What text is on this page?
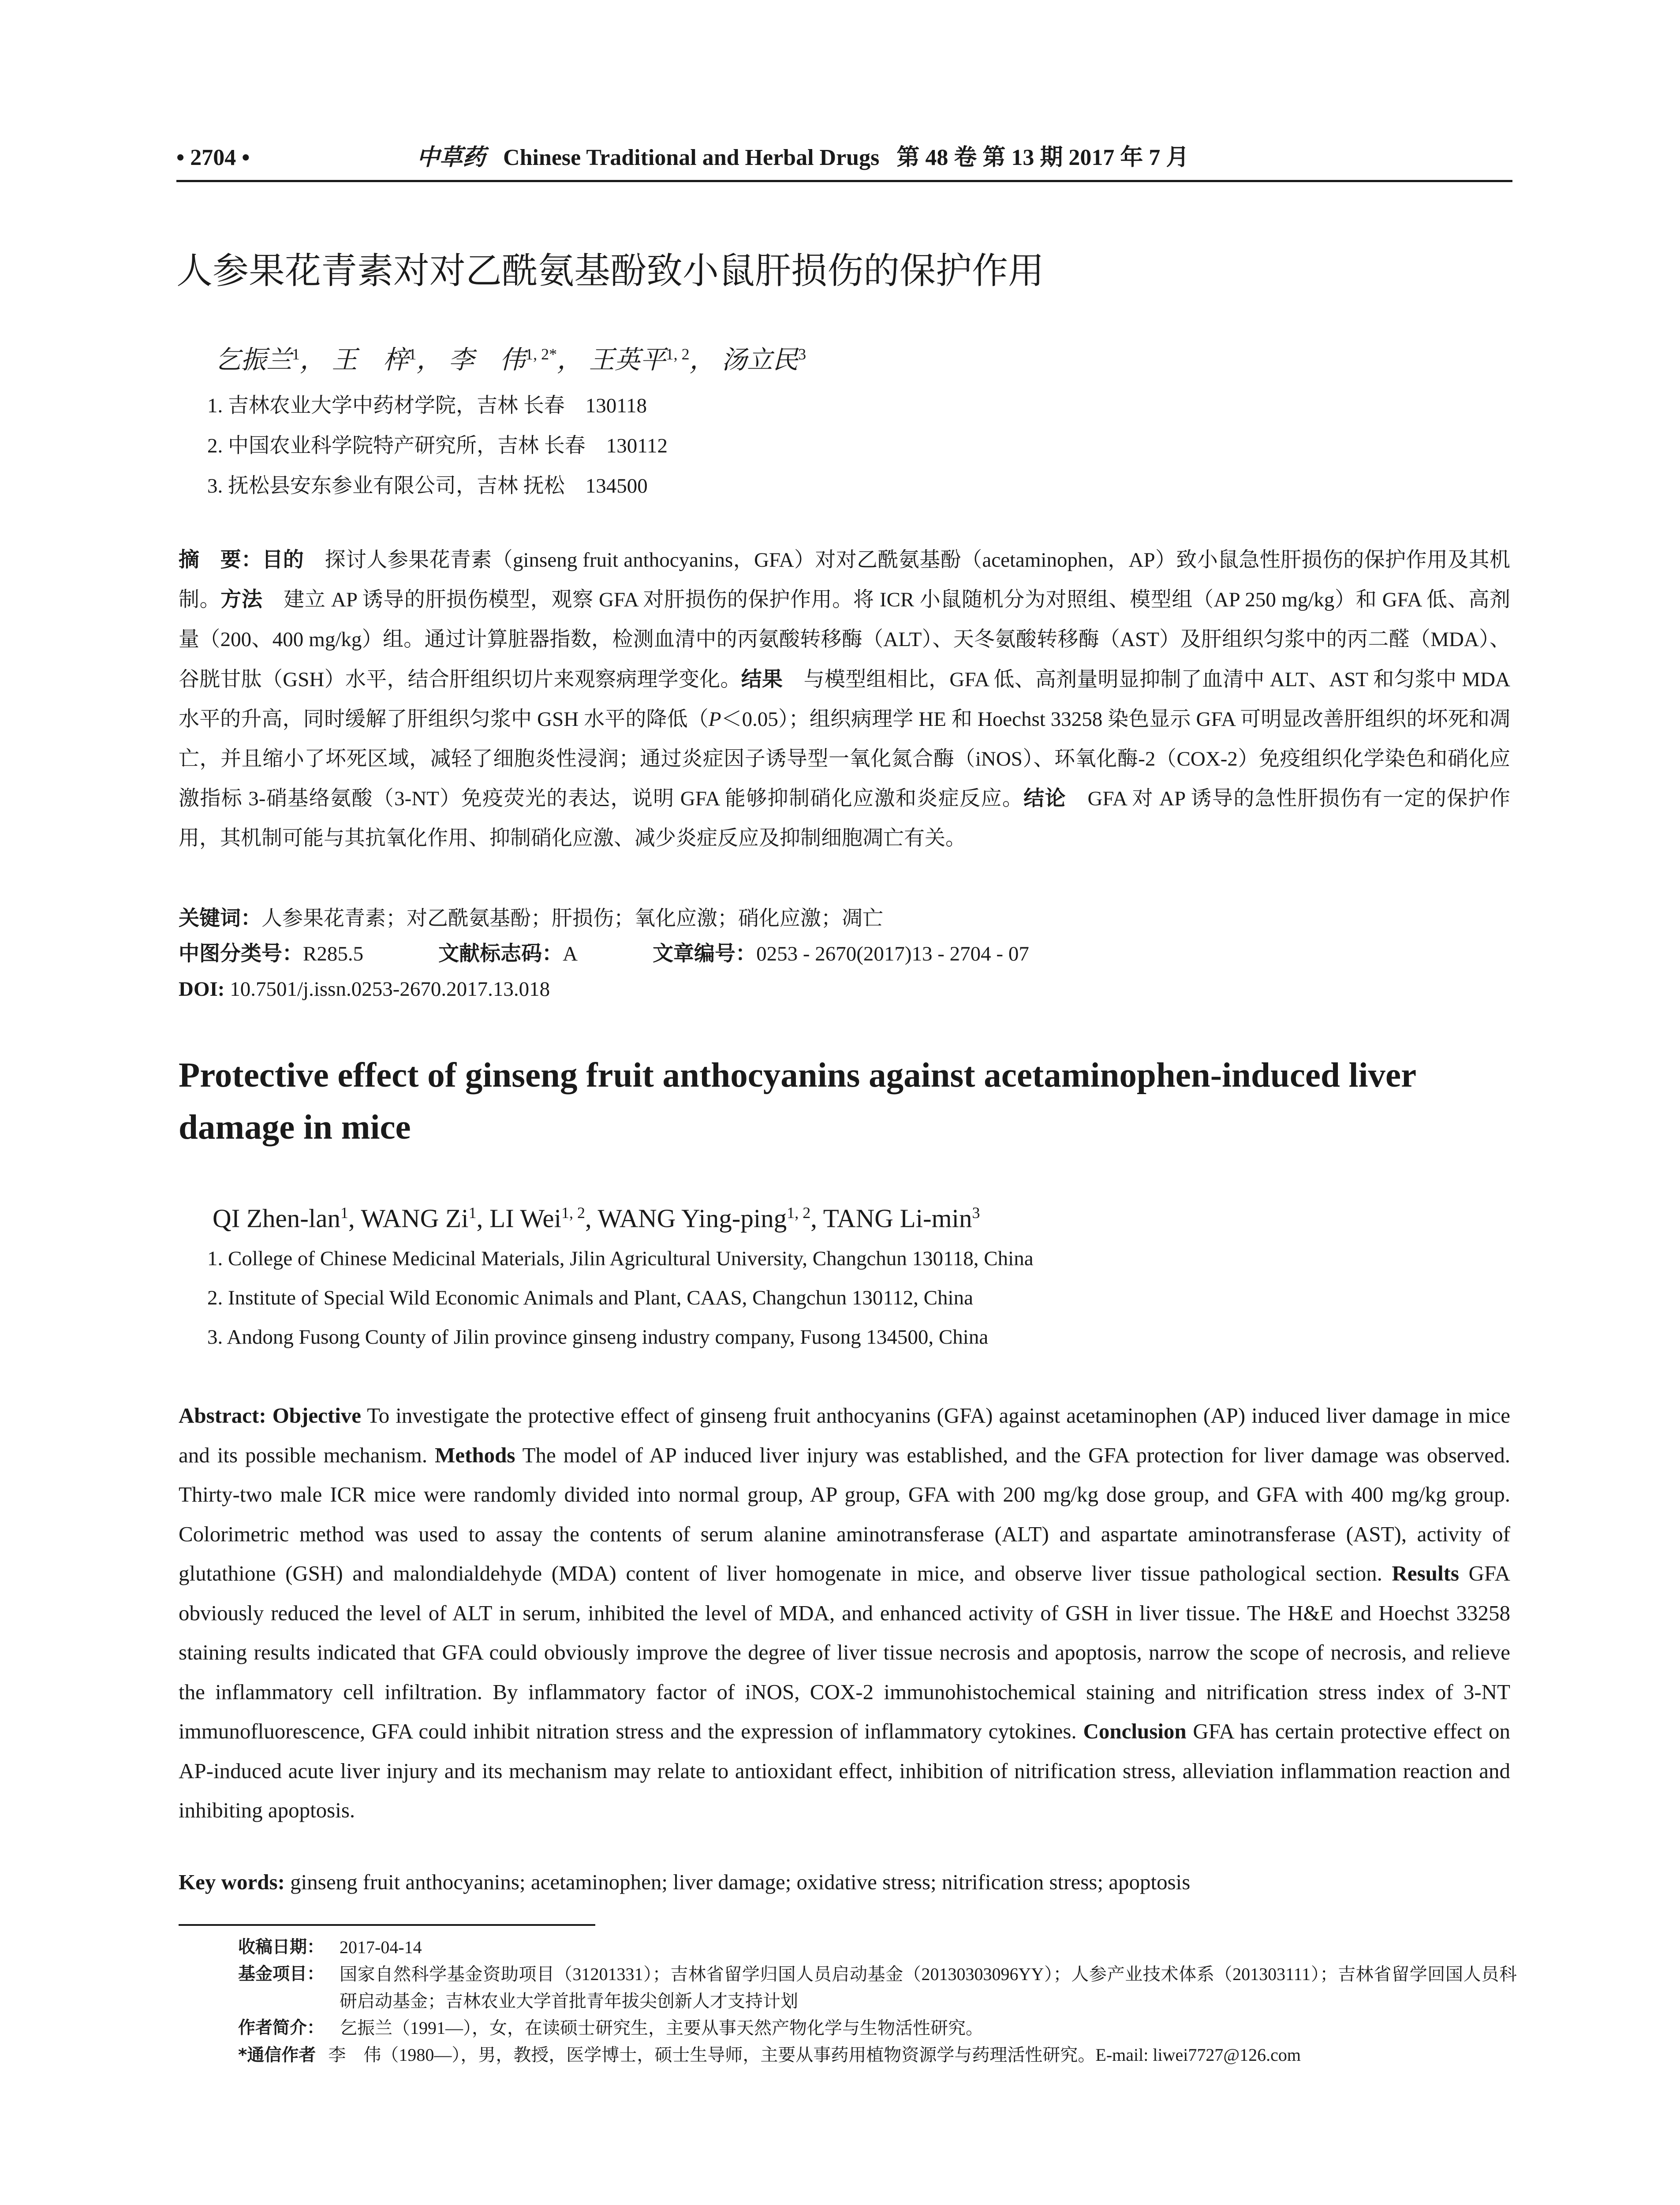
• 2704 •	中草药 Chinese Traditional and Herbal Drugs 第 48 卷 第 13 期 2017 年 7 月
人参果花青素对对乙酰氨基酚致小鼠肝损伤的保护作用
乞振兰$^1$， 王　梓$^1$， 李　伟$^{1, 2*}$， 王英平$^{1, 2}$， 汤立民$^3$
1. 吉林农业大学中药材学院，吉林 长春　130118
2. 中国农业科学院特产研究所，吉林 长春　130112
3. 抚松县安东参业有限公司，吉林 抚松　134500
摘　要：目的　探讨人参果花青素（ginseng fruit anthocyanins，GFA）对对乙酰氨基酚（acetaminophen，AP）致小鼠急性肝损伤的保护作用及其机制。方法　建立 AP 诱导的肝损伤模型，观察 GFA 对肝损伤的保护作用。将 ICR 小鼠随机分为对照组、模型组（AP 250 mg/kg）和 GFA 低、高剂量（200、400 mg/kg）组。通过计算脏器指数，检测血清中的丙氨酸转移酶（ALT）、天冬氨酸转移酶（AST）及肝组织匀浆中的丙二醛（MDA）、谷胱甘肽（GSH）水平，结合肝组织切片来观察病理学变化。结果　与模型组相比，GFA 低、高剂量明显抑制了血清中 ALT、AST 和匀浆中 MDA 水平的升高，同时缓解了肝组织匀浆中 GSH 水平的降低（P＜0.05）；组织病理学 HE 和 Hoechst 33258 染色显示 GFA 可明显改善肝组织的坏死和凋亡，并且缩小了坏死区域，减轻了细胞炎性浸润；通过炎症因子诱导型一氧化氮合酶（iNOS）、环氧化酶-2（COX-2）免疫组织化学染色和硝化应激指标 3-硝基络氨酸（3-NT）免疫荧光的表达，说明 GFA 能够抑制硝化应激和炎症反应。结论　GFA 对 AP 诱导的急性肝损伤有一定的保护作用，其机制可能与其抗氧化作用、抑制硝化应激、减少炎症反应及抑制细胞凋亡有关。
关键词：人参果花青素；对乙酰氨基酚；肝损伤；氧化应激；硝化应激；凋亡
中图分类号：R285.5	文献标志码：A	文章编号：0253 - 2670(2017)13 - 2704 - 07
DOI: 10.7501/j.issn.0253-2670.2017.13.018
Protective effect of ginseng fruit anthocyanins against acetaminophen-induced liver damage in mice
QI Zhen-lan$^1$, WANG Zi$^1$, LI Wei$^{1, 2}$, WANG Ying-ping$^{1, 2}$, TANG $Li-\min^3$
1. College of Chinese Medicinal Materials, Jilin Agricultural University, Changchun 130118, China
2. Institute of Special Wild Economic Animals and Plant, CAAS, Changchun 130112, China
3. Andong Fusong County of Jilin province ginseng industry company, Fusong 134500, China
Abstract: Objective To investigate the protective effect of ginseng fruit anthocyanins (GFA) against acetaminophen (AP) induced liver damage in mice and its possible mechanism. Methods The model of AP induced liver injury was established, and the GFA protection for liver damage was observed. Thirty-two male ICR mice were randomly divided into normal group, AP group, GFA with 200 mg/kg dose group, and GFA with 400 mg/kg group. Colorimetric method was used to assay the contents of serum alanine aminotransferase (ALT) and aspartate aminotransferase (AST), activity of glutathione (GSH) and malondialdehyde (MDA) content of liver homogenate in mice, and observe liver tissue pathological section. Results GFA obviously reduced the level of ALT in serum, inhibited the level of MDA, and enhanced activity of GSH in liver tissue. The H&E and Hoechst 33258 staining results indicated that GFA could obviously improve the degree of liver tissue necrosis and apoptosis, narrow the scope of necrosis, and relieve the inflammatory cell infiltration. By inflammatory factor of iNOS, COX-2 immunohistochemical staining and nitrification stress index of 3-NT immunofluorescence, GFA could inhibit nitration stress and the expression of inflammatory cytokines. Conclusion GFA has certain protective effect on AP-induced acute liver injury and its mechanism may relate to antioxidant effect, inhibition of nitrification stress, alleviation inflammation reaction and inhibiting apoptosis.
Key words: ginseng fruit anthocyanins; acetaminophen; liver damage; oxidative stress; nitrification stress; apoptosis
收稿日期： 2017-04-14
基金项目： 国家自然科学基金资助项目（31201331）；吉林省留学归国人员启动基金（20130303096YY）；人参产业技术体系（201303111）；吉林省留学回国人员科研启动基金；吉林农业大学首批青年拔尖创新人才支持计划
作者简介： 乞振兰（1991—），女，在读硕士研究生，主要从事天然产物化学与生物活性研究。
*通信作者 李　伟（1980—），男，教授，医学博士，硕士生导师，主要从事药用植物资源学与药理活性研究。E-mail: liwei7727@126.com
